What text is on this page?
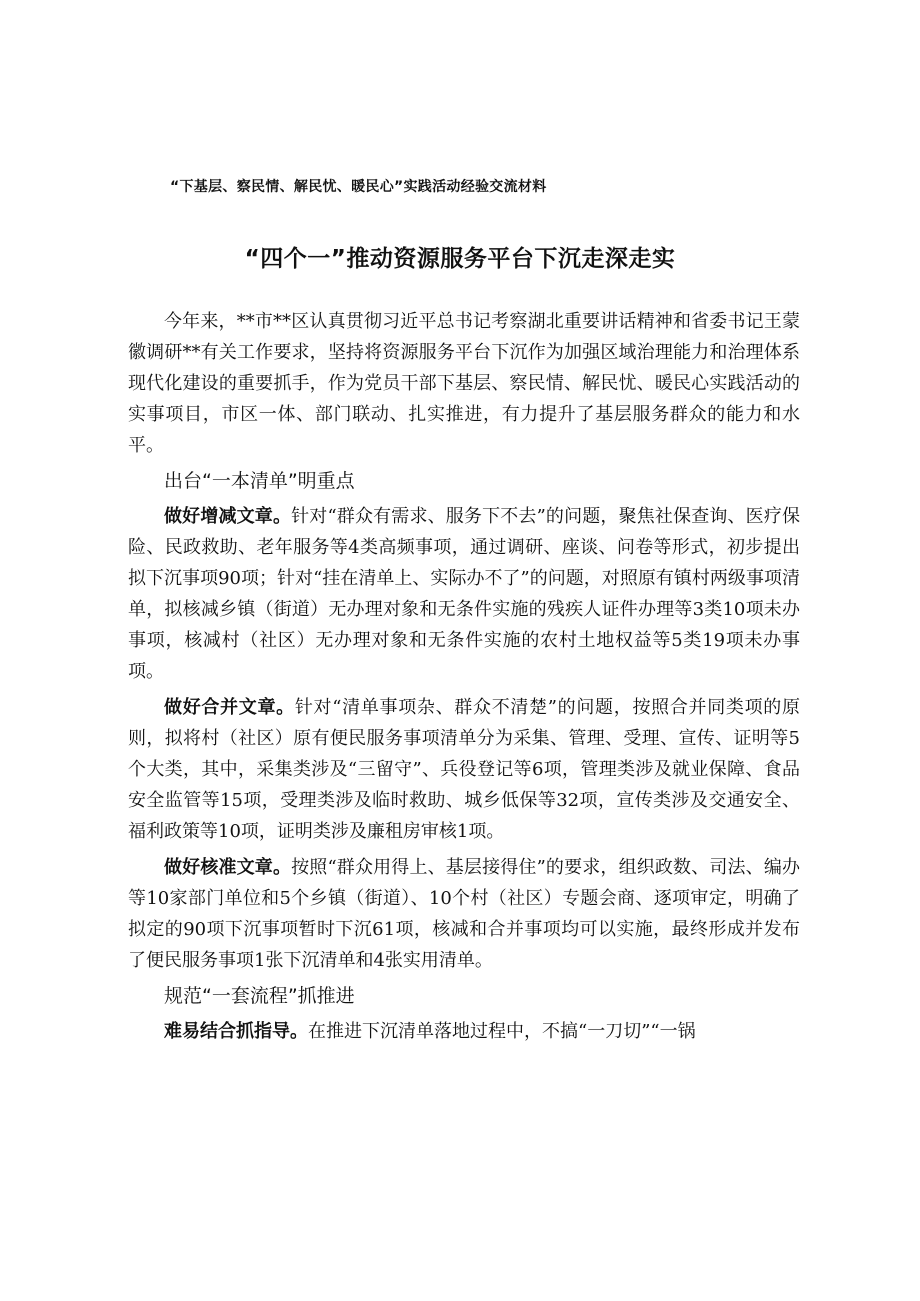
“下基层、察民情、解民忧、暖民心”实践活动经验交流材料
“四个一”推动资源服务平台下沉走深走实

今年来，**市**区认真贯彻习近平总书记考察湖北重要讲话精神和省委书记王蒙徽调研**有关工作要求，坚持将资源服务平台下沉作为加强区域治理能力和治理体系现代化建设的重要抓手，作为党员干部下基层、察民情、解民忧、暖民心实践活动的实事项目，市区一体、部门联动、扎实推进，有力提升了基层服务群众的能力和水平。

出台“一本清单”明重点

做好增减文章。针对“群众有需求、服务下不去”的问题，聚焦社保查询、医疗保险、民政救助、老年服务等4类高频事项，通过调研、座谈、问卷等形式，初步提出拟下沉事项90项；针对“挂在清单上、实际办不了”的问题，对照原有镇村两级事项清单，拟核减乡镇（街道）无办理对象和无条件实施的残疾人证件办理等3类10项未办事项，核减村（社区）无办理对象和无条件实施的农村土地权益等5类19项未办事项。

做好合并文章。针对“清单事项杂、群众不清楚”的问题，按照合并同类项的原则，拟将村（社区）原有便民服务事项清单分为采集、管理、受理、宣传、证明等5个大类，其中，采集类涉及“三留守”、兵役登记等6项，管理类涉及就业保障、食品安全监管等15项，受理类涉及临时救助、城乡低保等32项，宣传类涉及交通安全、福利政策等10项，证明类涉及廉租房审核1项。

做好核准文章。按照“群众用得上、基层接得住”的要求，组织政数、司法、编办等10家部门单位和5个乡镇（街道）、10个村（社区）专题会商、逐项审定，明确了拟定的90项下沉事项暂时下沉61项，核减和合并事项均可以实施，最终形成并发布了便民服务事项1张下沉清单和4张实用清单。

规范“一套流程”抓推进

难易结合抓指导。在推进下沉清单落地过程中，不搞“一刀切”“一锅
